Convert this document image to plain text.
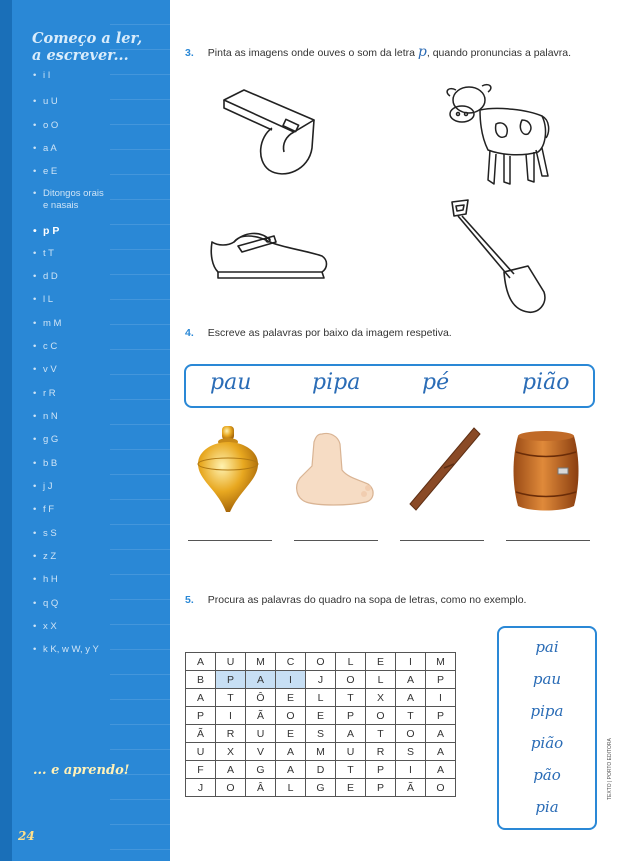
Começo a ler,
a escrever...
• i I
• u U
• o O
• a A
• e E
• Ditongos orais
e nasais
• p P
• t T
• d D
• l L
• m M
• c C
• v V
• r R
• n N
• g G
• b B
• j J
• f F
• s S
• z Z
• h H
• q Q
• x X
• k K, w W, y Y
... e aprendo!
24
3. Pinta as imagens onde ouves o som da letra p, quando pronuncias a palavra.
4. Escreve as palavras por baixo da imagem respetiva.
pau	pipa	pé	pião
5. Procura as palavras do quadro na sopa de letras, como no exemplo.
A	U	M	C	O	L	E	I	M
B	P	A	I	J	O	L	A	P
A	T	Ô	E	L	T	X	A	I
P	I	Ã	O	E	P	O	T	P
Ã	R	U	E	S	A	T	O	A
U	X	V	A	M	U	R	S	A
F	A	G	A	D	T	P	I	A
J	O	Â	L	G	E	P	Ã	O
pai
pau
pipa
pião
pão
pia
TEXTO | PORTO EDITORA
